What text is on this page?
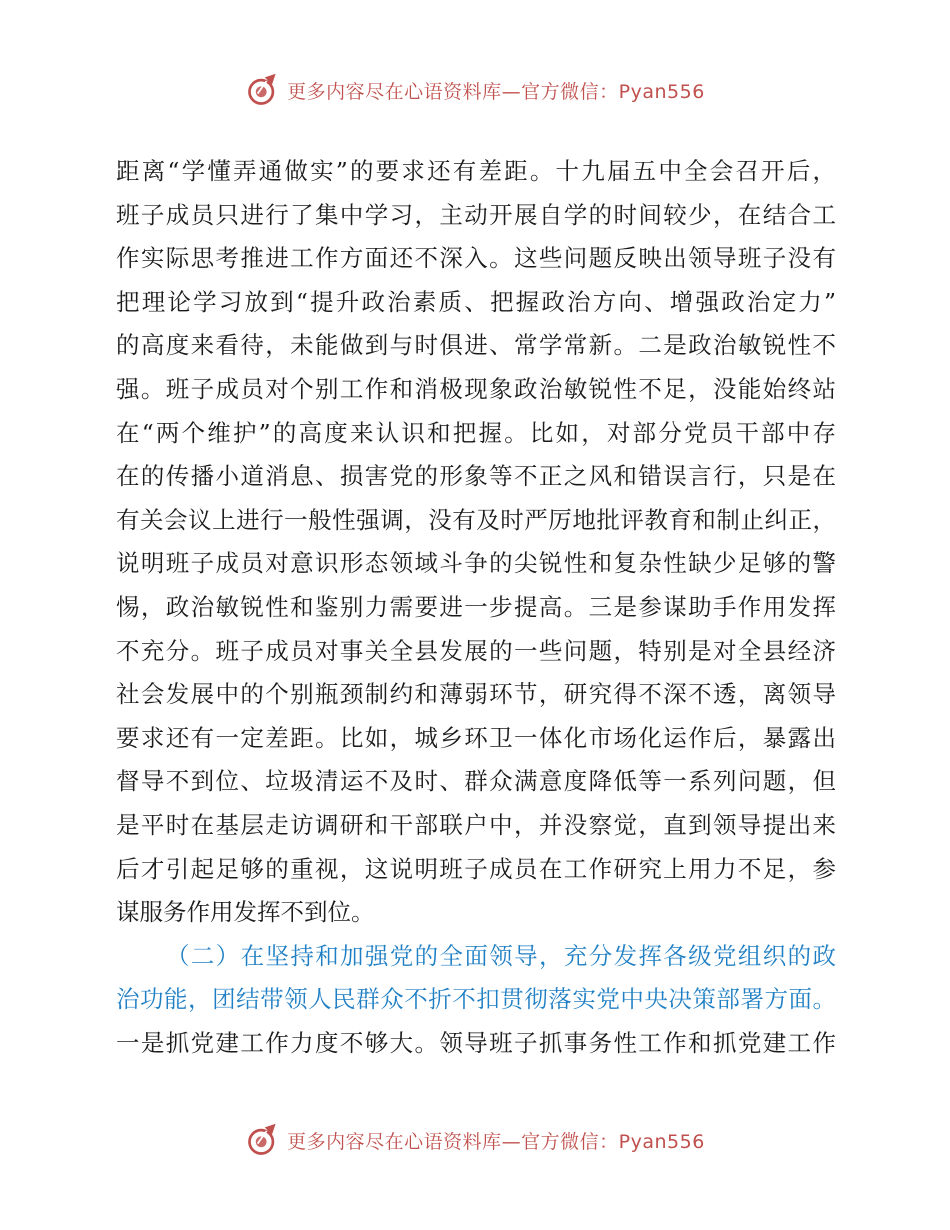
更多内容尽在心语资料库—官方微信：Pyan556
距离“学懂弄通做实”的要求还有差距。十九届五中全会召开后，
班子成员只进行了集中学习，主动开展自学的时间较少，在结合工
作实际思考推进工作方面还不深入。这些问题反映出领导班子没有
把理论学习放到“提升政治素质、把握政治方向、增强政治定力”
的高度来看待，未能做到与时俱进、常学常新。二是政治敏锐性不
强。班子成员对个别工作和消极现象政治敏锐性不足，没能始终站
在“两个维护”的高度来认识和把握。比如，对部分党员干部中存
在的传播小道消息、损害党的形象等不正之风和错误言行，只是在
有关会议上进行一般性强调，没有及时严厉地批评教育和制止纠正，
说明班子成员对意识形态领域斗争的尖锐性和复杂性缺少足够的警
惕，政治敏锐性和鉴别力需要进一步提高。三是参谋助手作用发挥
不充分。班子成员对事关全县发展的一些问题，特别是对全县经济
社会发展中的个别瓶颈制约和薄弱环节，研究得不深不透，离领导
要求还有一定差距。比如，城乡环卫一体化市场化运作后，暴露出
督导不到位、垃圾清运不及时、群众满意度降低等一系列问题，但
是平时在基层走访调研和干部联户中，并没察觉，直到领导提出来
后才引起足够的重视，这说明班子成员在工作研究上用力不足，参
谋服务作用发挥不到位。
（二）在坚持和加强党的全面领导，充分发挥各级党组织的政
治功能，团结带领人民群众不折不扣贯彻落实党中央决策部署方面。
一是抓党建工作力度不够大。领导班子抓事务性工作和抓党建工作
更多内容尽在心语资料库—官方微信：Pyan556
